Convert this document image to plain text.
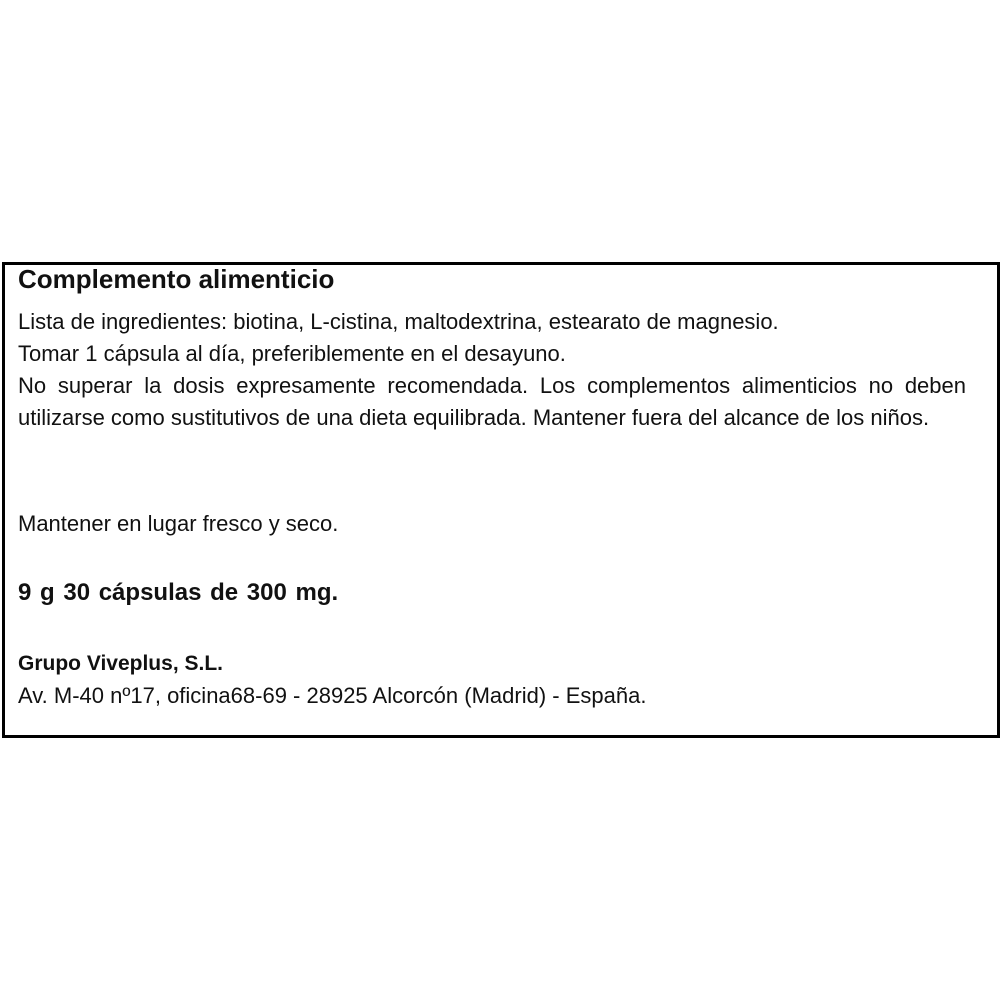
Complemento alimenticio
Lista de ingredientes: biotina, L-cistina, maltodextrina, estearato de magnesio.
Tomar 1 cápsula al día, preferiblemente en el desayuno.
No superar la dosis expresamente recomendada. Los complementos alimenticios no deben utilizarse como sustitutivos de una dieta equilibrada. Mantener fuera del alcance de los niños.
Mantener en lugar fresco y seco.
9 g 30 cápsulas de 300 mg.
Grupo Viveplus, S.L.
Av. M-40 nº17, oficina68-69 - 28925 Alcorcón (Madrid) - España.
